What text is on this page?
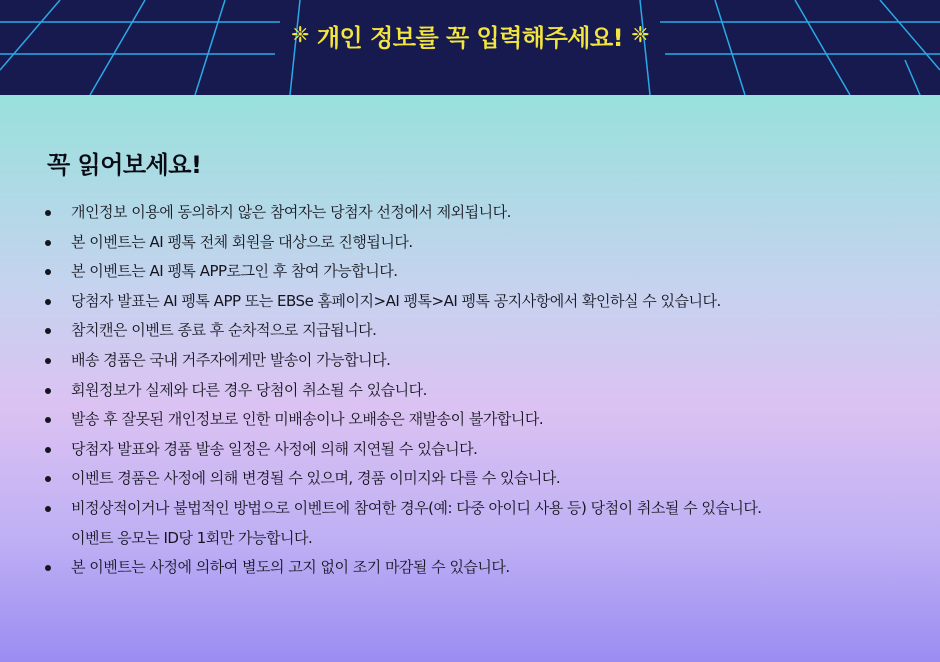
❈ 개인 정보를 꼭 입력해주세요! ❈
꼭 읽어보세요!
개인정보 이용에 동의하지 않은 참여자는 당첨자 선정에서 제외됩니다.
본 이벤트는 AI 펭톡 전체 회원을 대상으로 진행됩니다.
본 이벤트는 AI 펭톡 APP로그인 후 참여 가능합니다.
당첨자 발표는 AI 펭톡 APP 또는 EBSe 홈페이지>AI 펭톡>AI 펭톡 공지사항에서 확인하실 수 있습니다.
참치캔은 이벤트 종료 후 순차적으로 지급됩니다.
배송 경품은 국내 거주자에게만 발송이 가능합니다.
회원정보가 실제와 다른 경우 당첨이 취소될 수 있습니다.
발송 후 잘못된 개인정보로 인한 미배송이나 오배송은 재발송이 불가합니다.
당첨자 발표와 경품 발송 일정은 사정에 의해 지연될 수 있습니다.
이벤트 경품은 사정에 의해 변경될 수 있으며, 경품 이미지와 다를 수 있습니다.
비정상적이거나 불법적인 방법으로 이벤트에 참여한 경우(예: 다중 아이디 사용 등) 당첨이 취소될 수 있습니다.
이벤트 응모는 ID당 1회만 가능합니다.
본 이벤트는 사정에 의하여 별도의 고지 없이 조기 마감될 수 있습니다.
